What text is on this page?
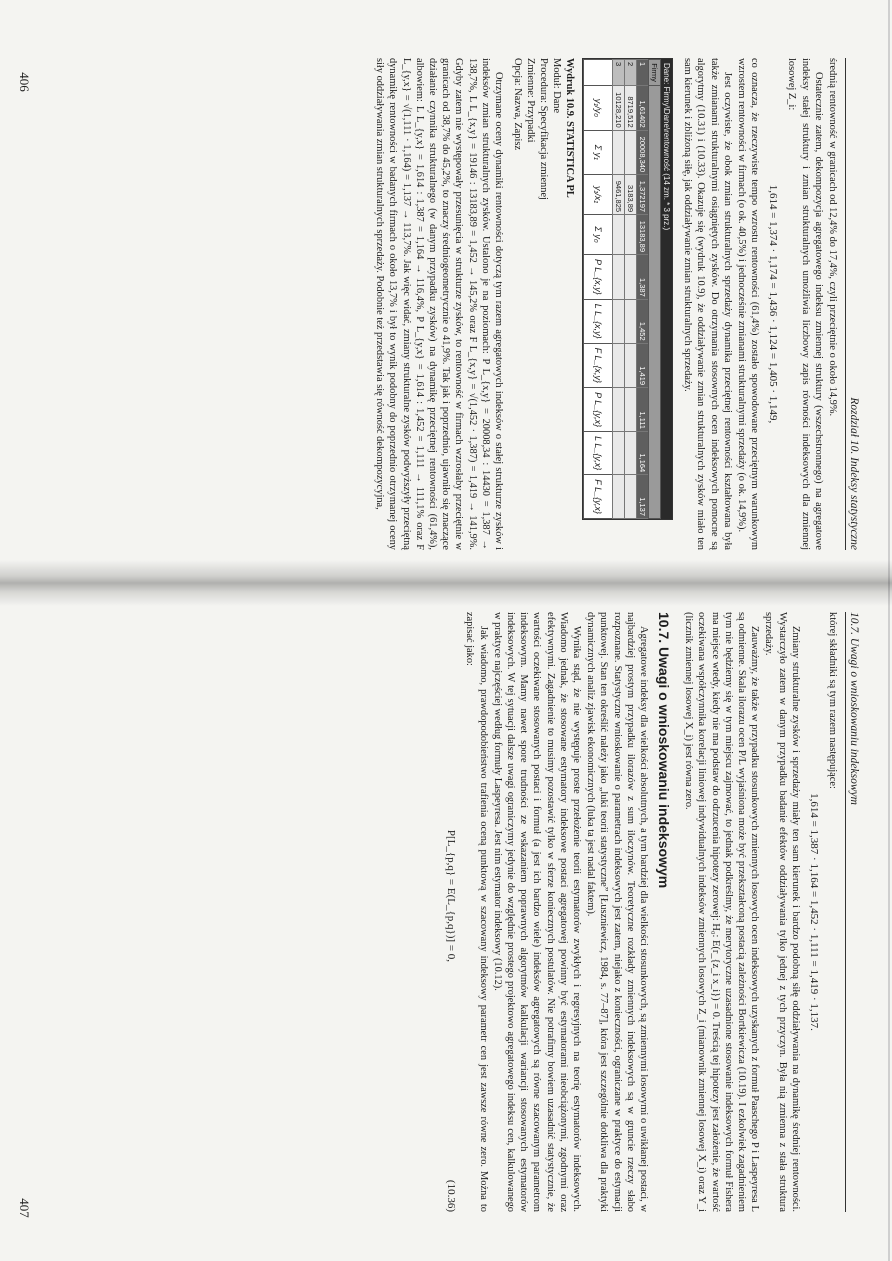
Rozdział 10. Indeksy statystyczne

średnią rentowność w granicach od 12,4% do 17,4%, czyli przeciętnie o około 14,9%.

Ostatecznie zatem, dekompozycja agregatowego indeksu zmiennej struktury (wszechstronnego) na agregatowe indeksy stałej struktury i zmian strukturalnych umożliwia liczbowy zapis równości indeksowych dla zmiennej losowej Z_i:

1,614 = 1,374 · 1,174 = 1,436 · 1,124 = 1,405 · 1,149,

co oznacza, że rzeczywiste tempo wzrostu rentowności (61,4%) zostało spowodowane przeciętnym warunkowym wzrostem rentowności w firmach (o ok. 40,5%) i jednocześnie zmianami strukturalnymi sprzedaży (o ok. 14,9%).

Jest oczywiste, że obok zmian strukturalnych sprzedaży dynamika przeciętnej rentowności kształtowana była także zmianami strukturalnymi osiągniętych zysków. Do otrzymania stosownych ocen indeksowych pomocne są algorytmy (10.31) i (10.33). Okazuje się (wydruk 10.9), że oddziaływanie zmian strukturalnych zysków miało ten sam kierunek i zbliżoną siłę, jak oddziaływanie zmian strukturalnych sprzedaży.

Dane: Firmy\Dane\rentowność (14 zm. * 3 prz.)
Firmy										
1	1,61402	20008,340	1,372197	13183,89	1,387	1,452	1,419	1,111	1,164	1,137
2	8719,512		3183,89							
3	10128,210		9461,825							
	y₁/y₀	Σ y₁	y₁/x₁	Σ y₀	P L_{x,y}	L L_{x,y}	F L_{x,y}	P L_{y,x}	L L_{y,x}	F L_{y,x}
Wydruk 10.9. STATISTICA PL
Moduł: Dane
Procedura: Specyfikacja zmiennej
Zmienne: Przypadki
Opcja: Nazwa, Zapisz

Otrzymane oceny dynamiki rentowności dotyczą tym razem agregatowych indeksów o stałej strukturze zysków i indeksów zmian strukturalnych zysków. Ustalono je na poziomach: P L_{x,y} = 20008,34 : 14430 = 1,387 → 138,7%, L L_{x,y} = 19146 : 13183,89 = 1,452 → 145,2% oraz F L_{x,y} = √(1,452 · 1,387) = 1,419 → 141,9%. Gdyby zatem nie występowały przesunięcia w strukturze zysków, to rentowność w firmach wzrosłaby przeciętnie w granicach od 38,7% do 45,2%, to znaczy średniogeometrycznie o 41,9%. Tak jak i poprzednio, ujawniło się znaczące działanie czynnika strukturalnego (w danym przypadku zysków) na dynamikę przeciętnej rentowności (61,4%), albowiem: L L_{y,x} = 1,614 : 1,387 = 1,164 → 116,4%, P L_{y,x} = 1,614 : 1,452 = 1,111 → 111,1% oraz F L_{y,x} = √(1,111 · 1,164) = 1,137 → 113,7%. Jak więc widać, zmiany strukturalne zysków podwyższyły przeciętną dynamikę rentowności w badanych firmach o około 13,7% i był to wynik podobny do poprzednio otrzymanej oceny siły oddziaływania zmian strukturalnych sprzedaży. Podobnie też przedstawia się równość dekompozycyjna,

406
10.7. Uwagi o wnioskowaniu indeksowym

której składniki są tym razem następujące:

1,614 = 1,387 · 1,164 = 1,452 · 1,111 = 1,419 · 1,137.

Zmiany strukturalne zysków i sprzedaży miały ten sam kierunek i bardzo podobną siłę oddziaływania na dynamikę średniej rentowności. Wystarczyło zatem w danym przypadku badanie efektów oddziaływania tylko jednej z tych przyczyn. Była nią zmienna z stała struktura sprzedaży.

Zauważmy, że także w przypadku stosunkowych zmiennych losowych ocen indeksowych uzyskanych z formuł Paaschego P i Laspeyresa L są odmienne. Skala ilorazu ocen P/L wyjaśniona może być przekształconą postacią zależności Bortkiewicza (10.19). I ezkolwiek zagadnieniem tym nie będziemy się w tym miejscu zajmować, to jednak podkreślmy, że merytoryczne uzasadnione stosowanie indeksowych formuł Fishera ma miejsce wtedy, kiedy nie ma podstaw do odrzucenia hipotezy zerowej: H₀: E(r_{z_i x_i}) = 0. Treścią tej hipotezy jest założenie, że wartość oczekiwana współczynnika korelacji liniowej indywidualnych indeksów zmiennych losowych Z_i (mianownik zmiennej losowej X_i) oraz Y_i (licznik zmiennej losowej X_i) jest równa zero.

10.7. Uwagi o wnioskowaniu indeksowym

Agregatowe indeksy dla wielkości absolutnych, a tym bardziej dla wielkości stosunkowych, są zmiennymi losowymi o uwikłanej postaci, w najbardziej prostym przypadku ilorazów z sum iloczynów. Teoretyczne rozkłady zmiennych indeksowych są w gruncie rzeczy słabo rozpoznane. Statystyczne wnioskowanie o parametrach indeksowych jest zatem, niejako z konieczności, ograniczane w praktyce do estymacji punktowej. Stan ten określić należy jako „luki teorii statystyczne” [Łuszniewicz, 1984, s. 77–87], która jest szczególnie dotkliwa dla praktyki dynamicznych analiz zjawisk ekonomicznych (luka ta jest nadal faktem).

Wynika stąd, że nie występuje proste przełożenie teorii estymatorów zwykłych i regresyjnych na teorię estymatorów indeksowych. Wiadomo jednak, że stosowane estymatory indeksowe postaci agregatowej powinny być estymatorami nieobciążonymi, zgodnymi oraz efektywnymi. Zagadnienie to musimy pozostawić tylko w sferze koniecznych postulatów. Nie potrafimy bowiem uzasadnić statystycznie, że wartości oczekiwane stosowanych postaci i formuł (a jest ich bardzo wiele) indeksów agregatowych są równe szacowanym parametrom indeksowym. Mamy nawet spore trudności ze wskazaniem poprawnych algorytmów kalkulacji wariancji stosowanych estymatorów indeksowych. W tej sytuacji dalsze uwagi ograniczymy jedynie do względnie prostego projektowo agregatowego indeksu cen, kalkulowanego w praktyce najczęściej według formuły Laspeyresa. Jest nim estymator indeksowy (10.12).

Jak wiadomo, prawdopodobieństwo trafienia oceną punktową w szacowany indeksowy parametr cen jest zawsze równe zero. Można to zapisać jako:

P[L_{p,q} = E(L_{p,q})] = 0,
(10.36)
407
